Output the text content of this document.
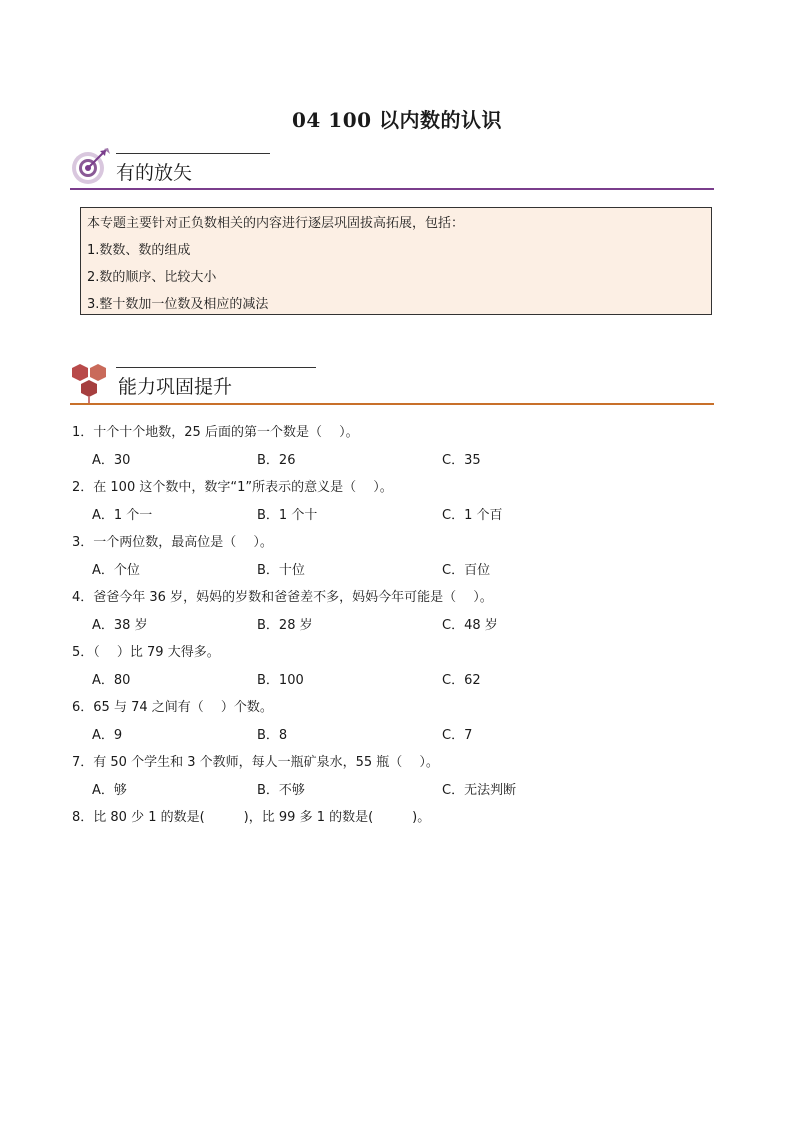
04 100 以内数的认识
有的放矢
本专题主要针对正负数相关的内容进行逐层巩固拔高拓展，包括：
1.数数、数的组成
2.数的顺序、比较大小
3.整十数加一位数及相应的减法
能力巩固提升
1．十个十个地数，25 后面的第一个数是（　 ）。
A．30	B．26	C．35
2．在 100 这个数中，数字“1”所表示的意义是（　 ）。
A．1 个一	B．1 个十	C．1 个百
3．一个两位数，最高位是（　 ）。
A．个位	B．十位	C．百位
4．爸爸今年 36 岁，妈妈的岁数和爸爸差不多，妈妈今年可能是（　 ）。
A．38 岁	B．28 岁	C．48 岁
5．（　 ）比 79 大得多。
A．80	B．100	C．62
6．65 与 74 之间有（　 ）个数。
A．9	B．8	C．7
7．有 50 个学生和 3 个教师，每人一瓶矿泉水，55 瓶（　 ）。
A．够	B．不够	C．无法判断
8．比 80 少 1 的数是(　　　)，比 99 多 1 的数是(　　　)。
